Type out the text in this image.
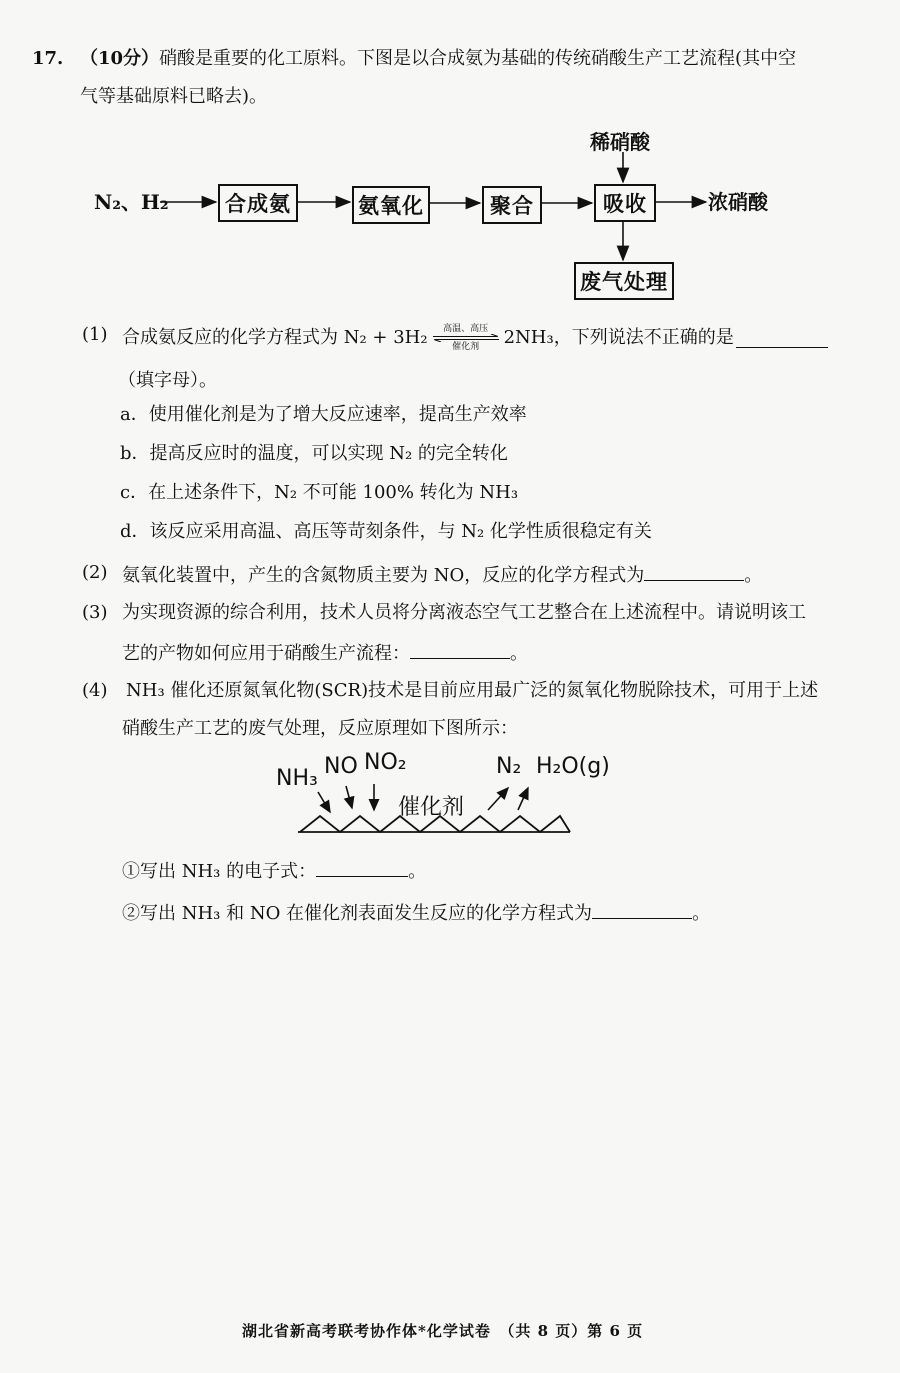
17. （10分）硝酸是重要的化工原料。下图是以合成氨为基础的传统硝酸生产工艺流程(其中空
气等基础原料已略去)。
N₂、H₂	合成氨	氨氧化	聚合	吸收
稀硝酸
浓硝酸
废气处理
(1) 合成氨反应的化学方程式为 N₂ + 3H₂ 高温、高压
催化剂 2NH₃，下列说法不正确的是
（填字母）。
a．使用催化剂是为了增大反应速率，提高生产效率
b．提高反应时的温度，可以实现 N₂ 的完全转化
c．在上述条件下，N₂ 不可能 100% 转化为 NH₃
d．该反应采用高温、高压等苛刻条件，与 N₂ 化学性质很稳定有关
(2) 氨氧化装置中，产生的含氮物质主要为 NO，反应的化学方程式为	。
(3) 为实现资源的综合利用，技术人员将分离液态空气工艺整合在上述流程中。请说明该工
艺的产物如何应用于硝酸生产流程：	。
(4) NH₃ 催化还原氮氧化物(SCR)技术是目前应用最广泛的氮氧化物脱除技术，可用于上述
硝酸生产工艺的废气处理，反应原理如下图所示：
NH₃ NO NO₂	N₂ H₂O(g)
催化剂
①写出 NH₃ 的电子式：	。
②写出 NH₃ 和 NO 在催化剂表面发生反应的化学方程式为	。
湖北省新高考联考协作体*化学试卷　（共 8 页）第 6 页
